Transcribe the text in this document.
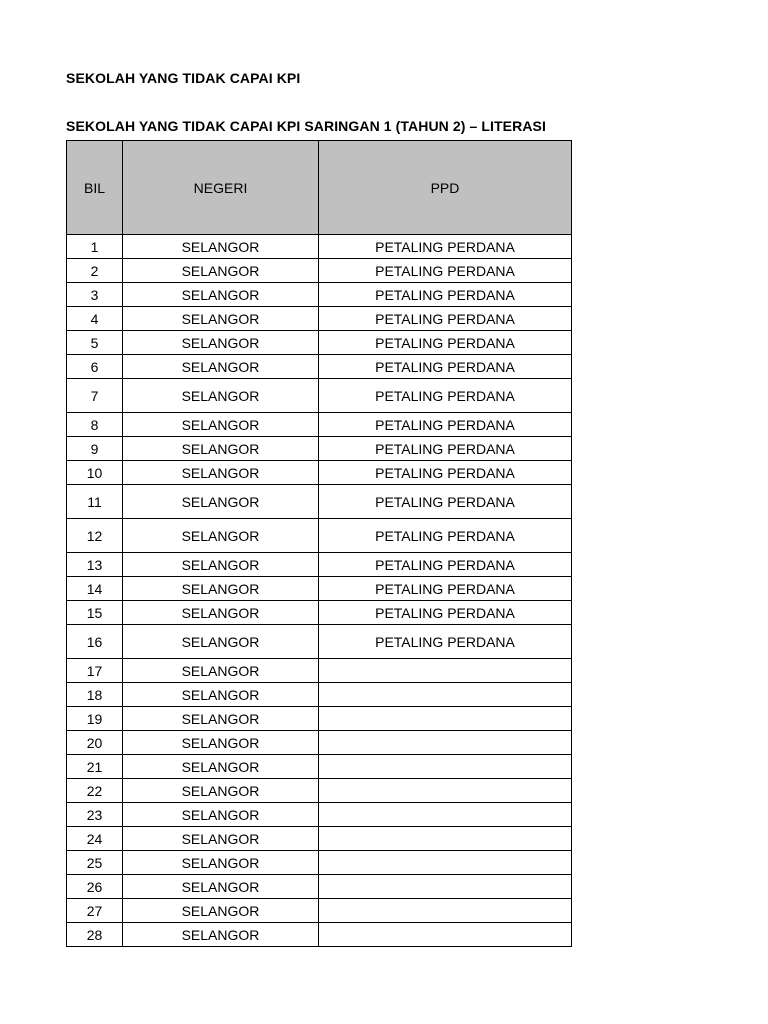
SEKOLAH YANG TIDAK CAPAI KPI
SEKOLAH YANG TIDAK CAPAI KPI SARINGAN 1 (TAHUN 2) – LITERASI
BIL	NEGERI	PPD
1	SELANGOR	PETALING PERDANA
2	SELANGOR	PETALING PERDANA
3	SELANGOR	PETALING PERDANA
4	SELANGOR	PETALING PERDANA
5	SELANGOR	PETALING PERDANA
6	SELANGOR	PETALING PERDANA
7	SELANGOR	PETALING PERDANA
8	SELANGOR	PETALING PERDANA
9	SELANGOR	PETALING PERDANA
10	SELANGOR	PETALING PERDANA
11	SELANGOR	PETALING PERDANA
12	SELANGOR	PETALING PERDANA
13	SELANGOR	PETALING PERDANA
14	SELANGOR	PETALING PERDANA
15	SELANGOR	PETALING PERDANA
16	SELANGOR	PETALING PERDANA
17	SELANGOR	
18	SELANGOR	
19	SELANGOR	
20	SELANGOR	
21	SELANGOR	
22	SELANGOR	
23	SELANGOR	
24	SELANGOR	
25	SELANGOR	
26	SELANGOR	
27	SELANGOR	
28	SELANGOR	
